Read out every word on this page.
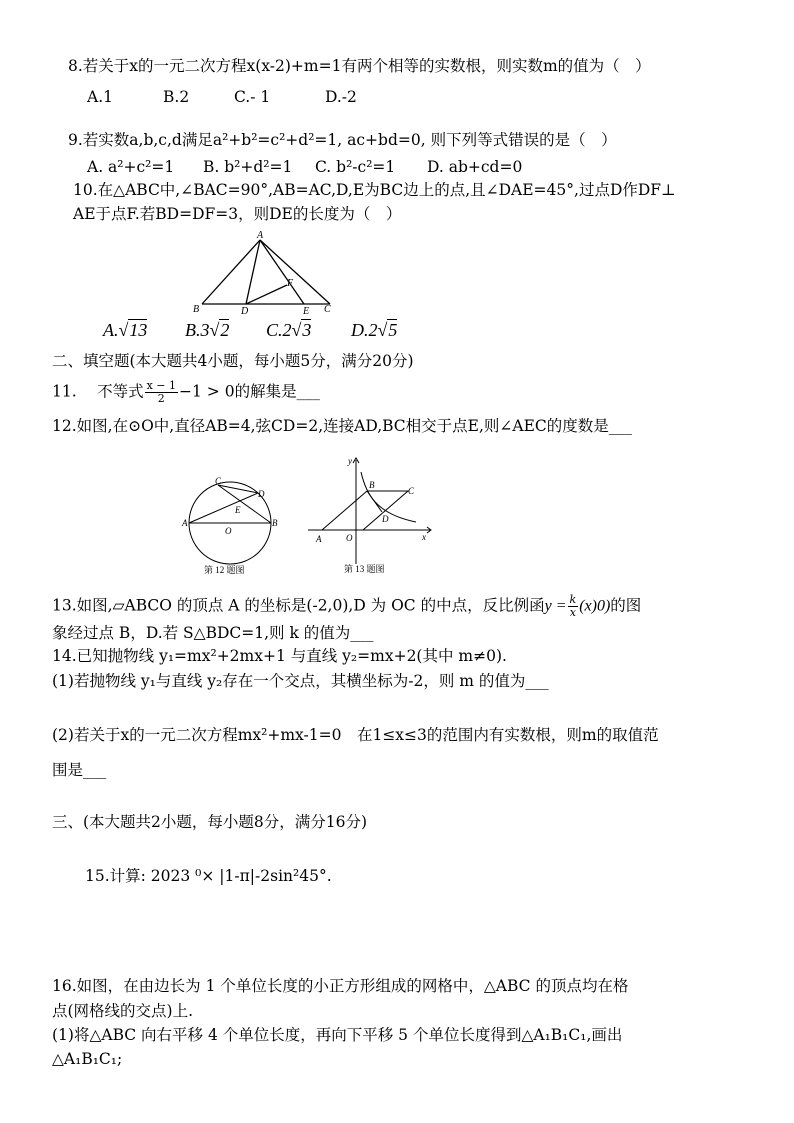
8.若关于x的一元二次方程x(x-2)+m=1有两个相等的实数根，则实数m的值为（　）
A.1	B.2	C.- 1	D.-2
9.若实数a,b,c,d满足a²+b²=c²+d²=1, ac+bd=0, 则下列等式错误的是（　）
A. a²+c²=1 B. b²+d²=1 C. b²-c²=1 D. ab+cd=0
10.在△ABC中,∠BAC=90°,AB=AC,D,E为BC边上的点,且∠DAE=45°,过点D作DF⊥
AE于点F.若BD=DF=3，则DE的长度为（　）
A
B	D
F
E C
A.√13 B.3√2 C.2√3 D.2√5
二、填空题(本大题共4小题，每小题5分，满分20分)
11.　 不等式 $\frac{x - 1}{2} -1 > 0$的解集是___
12.如图,在⊙O中,直径AB=4,弦CD=2,连接AD,BC相交于点E,则∠AEC的度数是___
C
D
E
A
O
B
第 12 题图
y
B
C
D
A	O	x
第 13 题图
13.如图,▱ABCO 的顶点 A 的坐标是(-2,0),D 为 OC 的中点，反比例函$y = \frac{k}{x} (x)0$)的图
象经过点 B，D.若 S△BDC=1,则 k 的值为___
14.已知抛物线 y₁=mx²+2mx+1 与直线 y₂=mx+2(其中 m≠0).
(1)若抛物线 y₁与直线 y₂存在一个交点，其横坐标为-2，则 m 的值为___
(2)若关于x的一元二次方程mx²+mx-1=0　在1≤x≤3的范围内有实数根，则m的取值范
围是___
三、(本大题共2小题，每小题8分，满分16分)
15.计算: 2023 ⁰× |1-π|-2sin²45°.
16.如图，在由边长为 1 个单位长度的小正方形组成的网格中，△ABC 的顶点均在格
点(网格线的交点)上.
(1)将△ABC 向右平移 4 个单位长度，再向下平移 5 个单位长度得到△A₁B₁C₁,画出
△A₁B₁C₁;
